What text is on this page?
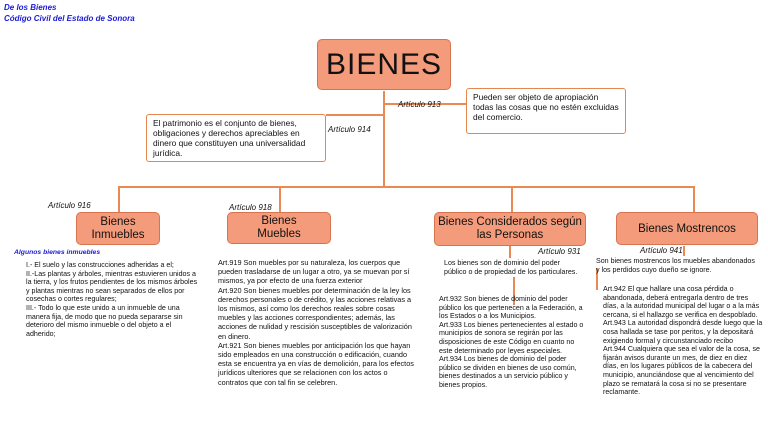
De los Bienes
Código Civil del Estado de Sonora
BIENES
Artículo 913
Artículo 914
Artículo 916	Artículo 918
Artículo 931	Artículo 941
El patrimonio es el conjunto de bienes, obligaciones y derechos apreciables en dinero que constituyen una universalidad jurídica.
Pueden ser objeto de apropiación todas las cosas que no estén excluidas del comercio.
Bienes Inmuebles
Bienes Muebles
Bienes Considerados según las Personas
Bienes Mostrencos
Algunos bienes inmuebles

I.- El suelo y las construcciones adheridas a el;

II.-Las plantas y árboles, mientras estuvieren unidos a la tierra, y los frutos pendientes de los mismos árboles y plantas mientras no sean separados de ellos por cosechas o cortes regulares;

III.- Todo lo que este unido a un inmueble de una manera fija, de modo que no pueda separarse sin deterioro del mismo inmueble o del objeto a el adherido;

Art.919 Son muebles por su naturaleza, los cuerpos que pueden trasladarse de un lugar a otro, ya se muevan por sí mismos, ya por efecto de una fuerza exterior

Art.920 Son bienes muebles por determinación de la ley los derechos personales o de crédito, y las acciones relativas a los mismos, así como los derechos reales sobre cosas muebles y las acciones correspondientes; además, las acciones de nulidad y rescisión susceptibles de valorización en dinero.

Art.921 Son bienes muebles por anticipación los que hayan sido empleados en una construcción o edificación, cuando esta se encuentra ya en vías de demolición, para los efectos jurídicos ulteriores que se relacionen con los actos o contratos que con tal fin se celebren.

Los bienes son de dominio del poder público o de propiedad de los particulares.

Art.932 Son bienes de dominio del poder público los que pertenecen a la Federación, a los Estados o a los Municipios.

Art.933 Los bienes pertenecientes al estado o municipios de sonora se regirán por las disposiciones de este Código en cuanto no este determinado por leyes especiales.

Art.934 Los bienes de dominio del poder público se dividen en bienes de uso común, bienes destinados a un servicio público y bienes propios.

Son bienes mostrencos los muebles abandonados y los perdidos cuyo dueño se ignore.

Art.942 El que hallare una cosa pérdida o abandonada, deberá entregarla dentro de tres días, a la autoridad municipal del lugar o a la más cercana, si el hallazgo se verifica en despoblado.

Art.943 La autoridad dispondrá desde luego que la cosa hallada se tase por peritos, y la depositará exigiendo formal y circunstanciado recibo

Art.944 Cualquiera que sea el valor de la cosa, se fijarán avisos durante un mes, de diez en diez días, en los lugares públicos de la cabecera del municipio, anunciándose que al vencimiento del plazo se rematará la cosa si no se presentare reclamante.
